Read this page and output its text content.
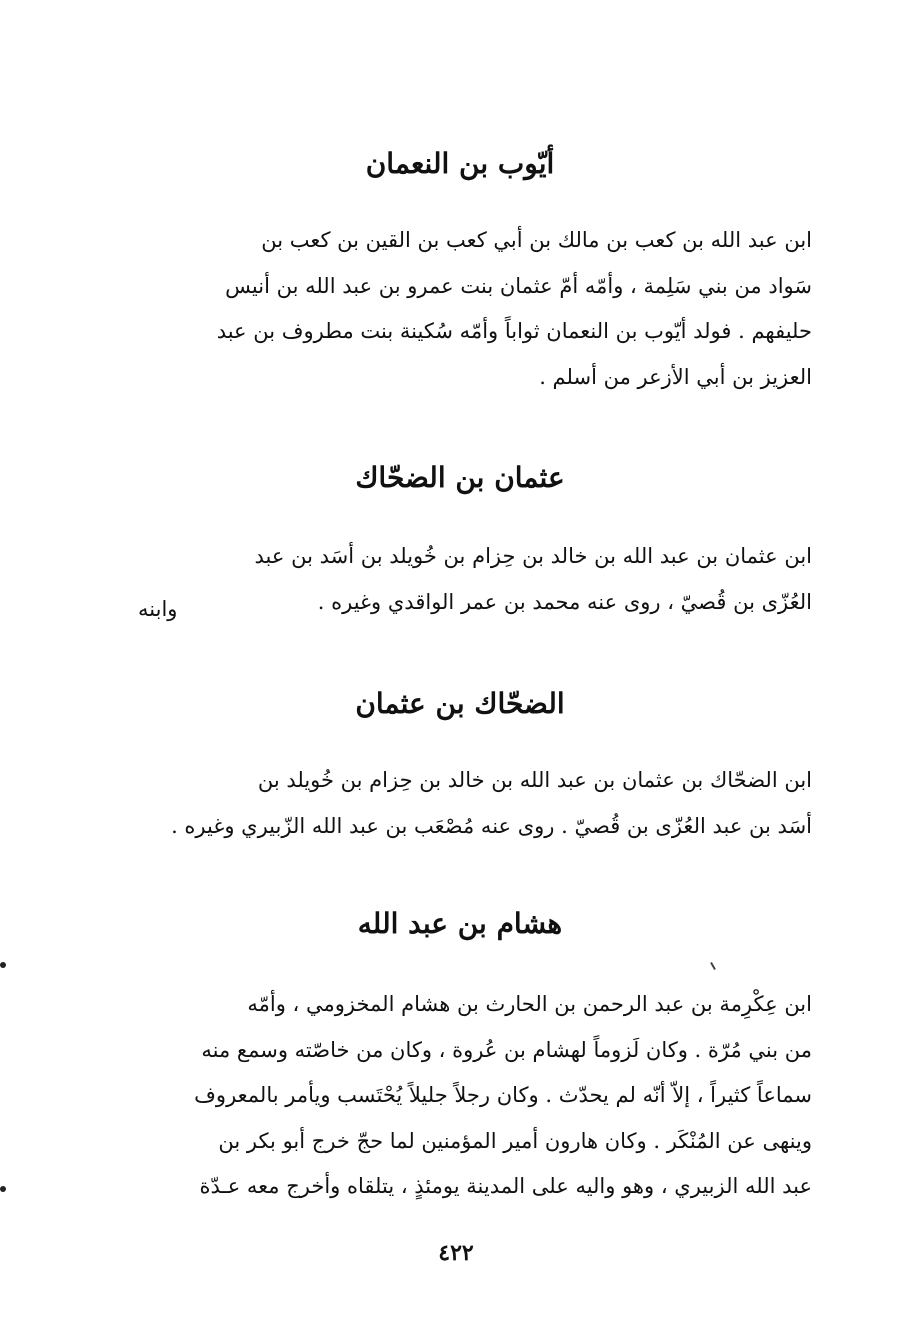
أيّوب بن النعمان

ابن عبد الله بن كعب بن مالك بن أبي كعب بن القين بن كعب بن
سَواد من بني سَلِمة ، وأمّه أمّ عثمان بنت عمرو بن عبد الله بن أنيس
حليفهم . فولد أيّوب بن النعمان ثواباً وأمّه سُكينة بنت مطروف بن عبد
العزيز بن أبي الأزعر من أسلم .

عثمان بن الضحّاك

ابن عثمان بن عبد الله بن خالد بن حِزام بن خُويلد بن أسَد بن عبد
العُزّى بن قُصيّ ، روى عنه محمد بن عمر الواقدي وغيره .

وابنه
الضحّاك بن عثمان

ابن الضحّاك بن عثمان بن عبد الله بن خالد بن حِزام بن خُويلد بن
أسَد بن عبد العُزّى بن قُصيّ . روى عنه مُصْعَب بن عبد الله الزّبيري وغيره .

هشام بن عبد الله

ابن عِكْرِمة بن عبد الرحمن بن الحارث بن هشام المخزومي ، وأمّه
من بني مُرّة . وكان لَزوماً لهشام بن عُروة ، وكان من خاصّته وسمع منه
سماعاً كثيراً ، إلاّ أنّه لم يحدّث . وكان رجلاً جليلاً يُحْتَسب ويأمر بالمعروف
وينهى عن المُنْكَر . وكان هارون أمير المؤمنين لما حجّ خرج أبو بكر بن
عبد الله الزبيري ، وهو واليه على المدينة يومئذٍ ، يتلقاه وأخرج معه عـدّة

٤٢٢
